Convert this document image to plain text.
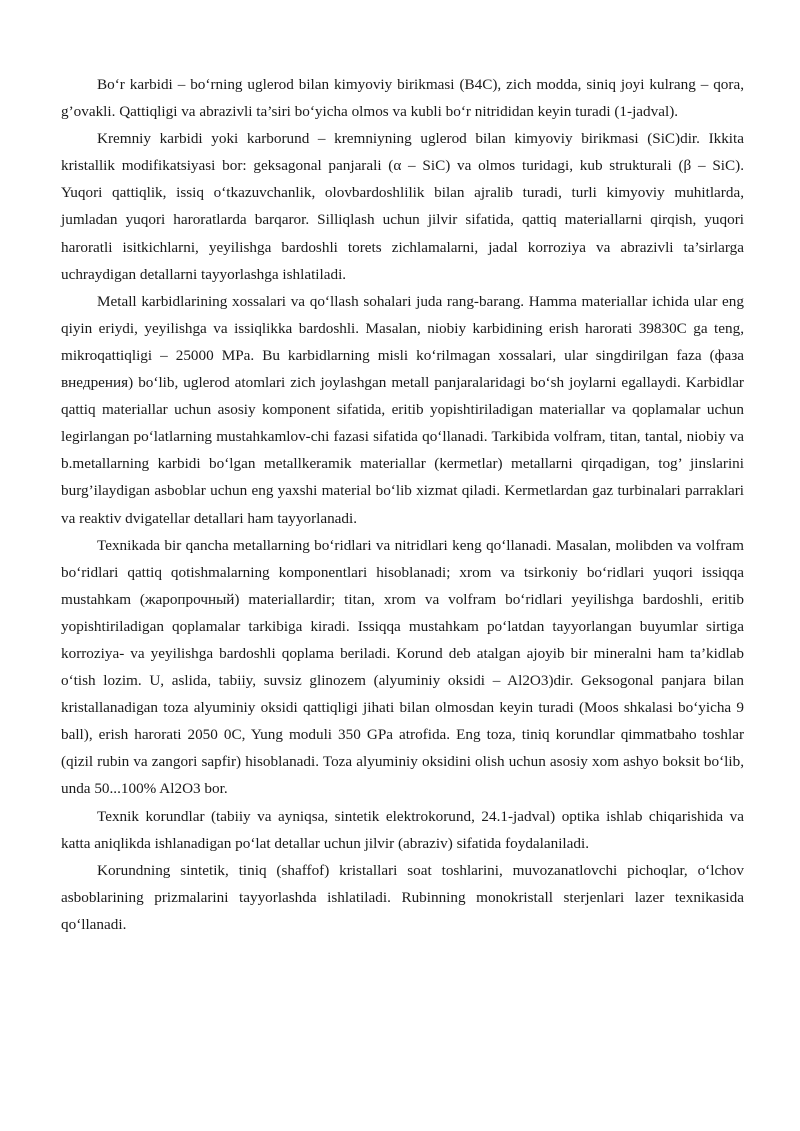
Bo‘r karbidi – bo‘rning uglerod bilan kimyoviy birikmasi (B4C), zich modda, siniq joyi kulrang – qora, g’ovakli. Qattiqligi va abrazivli ta’siri bo‘yicha olmos va kubli bo‘r nitrididan keyin turadi (1-jadval).

Kremniy karbidi yoki karborund – kremniyning uglerod bilan kimyoviy birikmasi (SiC)dir. Ikkita kristallik modifikatsiyasi bor: geksagonal panjarali (α – SiC) va olmos turidagi, kub strukturali (β – SiC). Yuqori qattiqlik, issiq o‘tkazuvchanlik, olovbardoshlilik bilan ajralib turadi, turli kimyoviy muhitlarda, jumladan yuqori haroratlarda barqaror. Silliqlash uchun jilvir sifatida, qattiq materiallarni qirqish, yuqori haroratli isitkichlarni, yeyilishga bardoshli torets zichlamalarni, jadal korroziya va abrazivli ta’sirlarga uchraydigan detallarni tayyorlashga ishlatiladi.

Metall karbidlarining xossalari va qo‘llash sohalari juda rang-barang. Hamma materiallar ichida ular eng qiyin eriydi, yeyilishga va issiqlikka bardoshli. Masalan, niobiy karbidining erish harorati 39830C ga teng, mikroqattiqligi – 25000 MPa. Bu karbidlarning misli ko‘rilmagan xossalari, ular singdirilgan faza (фаза внедрения) bo‘lib, uglerod atomlari zich joylashgan metall panjaralaridagi bo‘sh joylarni egallaydi. Karbidlar qattiq materiallar uchun asosiy komponent sifatida, eritib yopishtiriladigan materiallar va qoplamalar uchun legirlangan po‘latlarning mustahkamlov-chi fazasi sifatida qo‘llanadi. Tarkibida volfram, titan, tantal, niobiy va b.metallarning karbidi bo‘lgan metallkeramik materiallar (kermetlar) metallarni qirqadigan, tog’ jinslarini burg’ilaydigan asboblar uchun eng yaxshi material bo‘lib xizmat qiladi. Kermetlardan gaz turbinalari parraklari va reaktiv dvigatellar detallari ham tayyorlanadi.

Texnikada bir qancha metallarning bo‘ridlari va nitridlari keng qo‘llanadi. Masalan, molibden va volfram bo‘ridlari qattiq qotishmalarning komponentlari hisoblanadi; xrom va tsirkoniy bo‘ridlari yuqori issiqqa mustahkam (жаропрочный) materiallardir; titan, xrom va volfram bo‘ridlari yeyilishga bardoshli, eritib yopishtiriladigan qoplamalar tarkibiga kiradi. Issiqqa mustahkam po‘latdan tayyorlangan buyumlar sirtiga korroziya- va yeyilishga bardoshli qoplama beriladi. Korund deb atalgan ajoyib bir mineralni ham ta’kidlab o‘tish lozim. U, aslida, tabiiy, suvsiz glinozem (alyuminiy oksidi – Al2O3)dir. Geksogonal panjara bilan kristallanadigan toza alyuminiy oksidi qattiqligi jihati bilan olmosdan keyin turadi (Moos shkalasi bo‘yicha 9 ball), erish harorati 2050 0C, Yung moduli 350 GPa atrofida. Eng toza, tiniq korundlar qimmatbaho toshlar (qizil rubin va zangori sapfir) hisoblanadi. Toza alyuminiy oksidini olish uchun asosiy xom ashyo boksit bo‘lib, unda 50...100% Al2O3 bor.

Texnik korundlar (tabiiy va ayniqsa, sintetik elektrokorund, 24.1-jadval) optika ishlab chiqarishida va katta aniqlikda ishlanadigan po‘lat detallar uchun jilvir (abraziv) sifatida foydalaniladi.

Korundning sintetik, tiniq (shaffof) kristallari soat toshlarini, muvozanatlovchi pichoqlar, o‘lchov asboblarining prizmalarini tayyorlashda ishlatiladi. Rubinning monokristall sterjenlari lazer texnikasida qo‘llanadi.
